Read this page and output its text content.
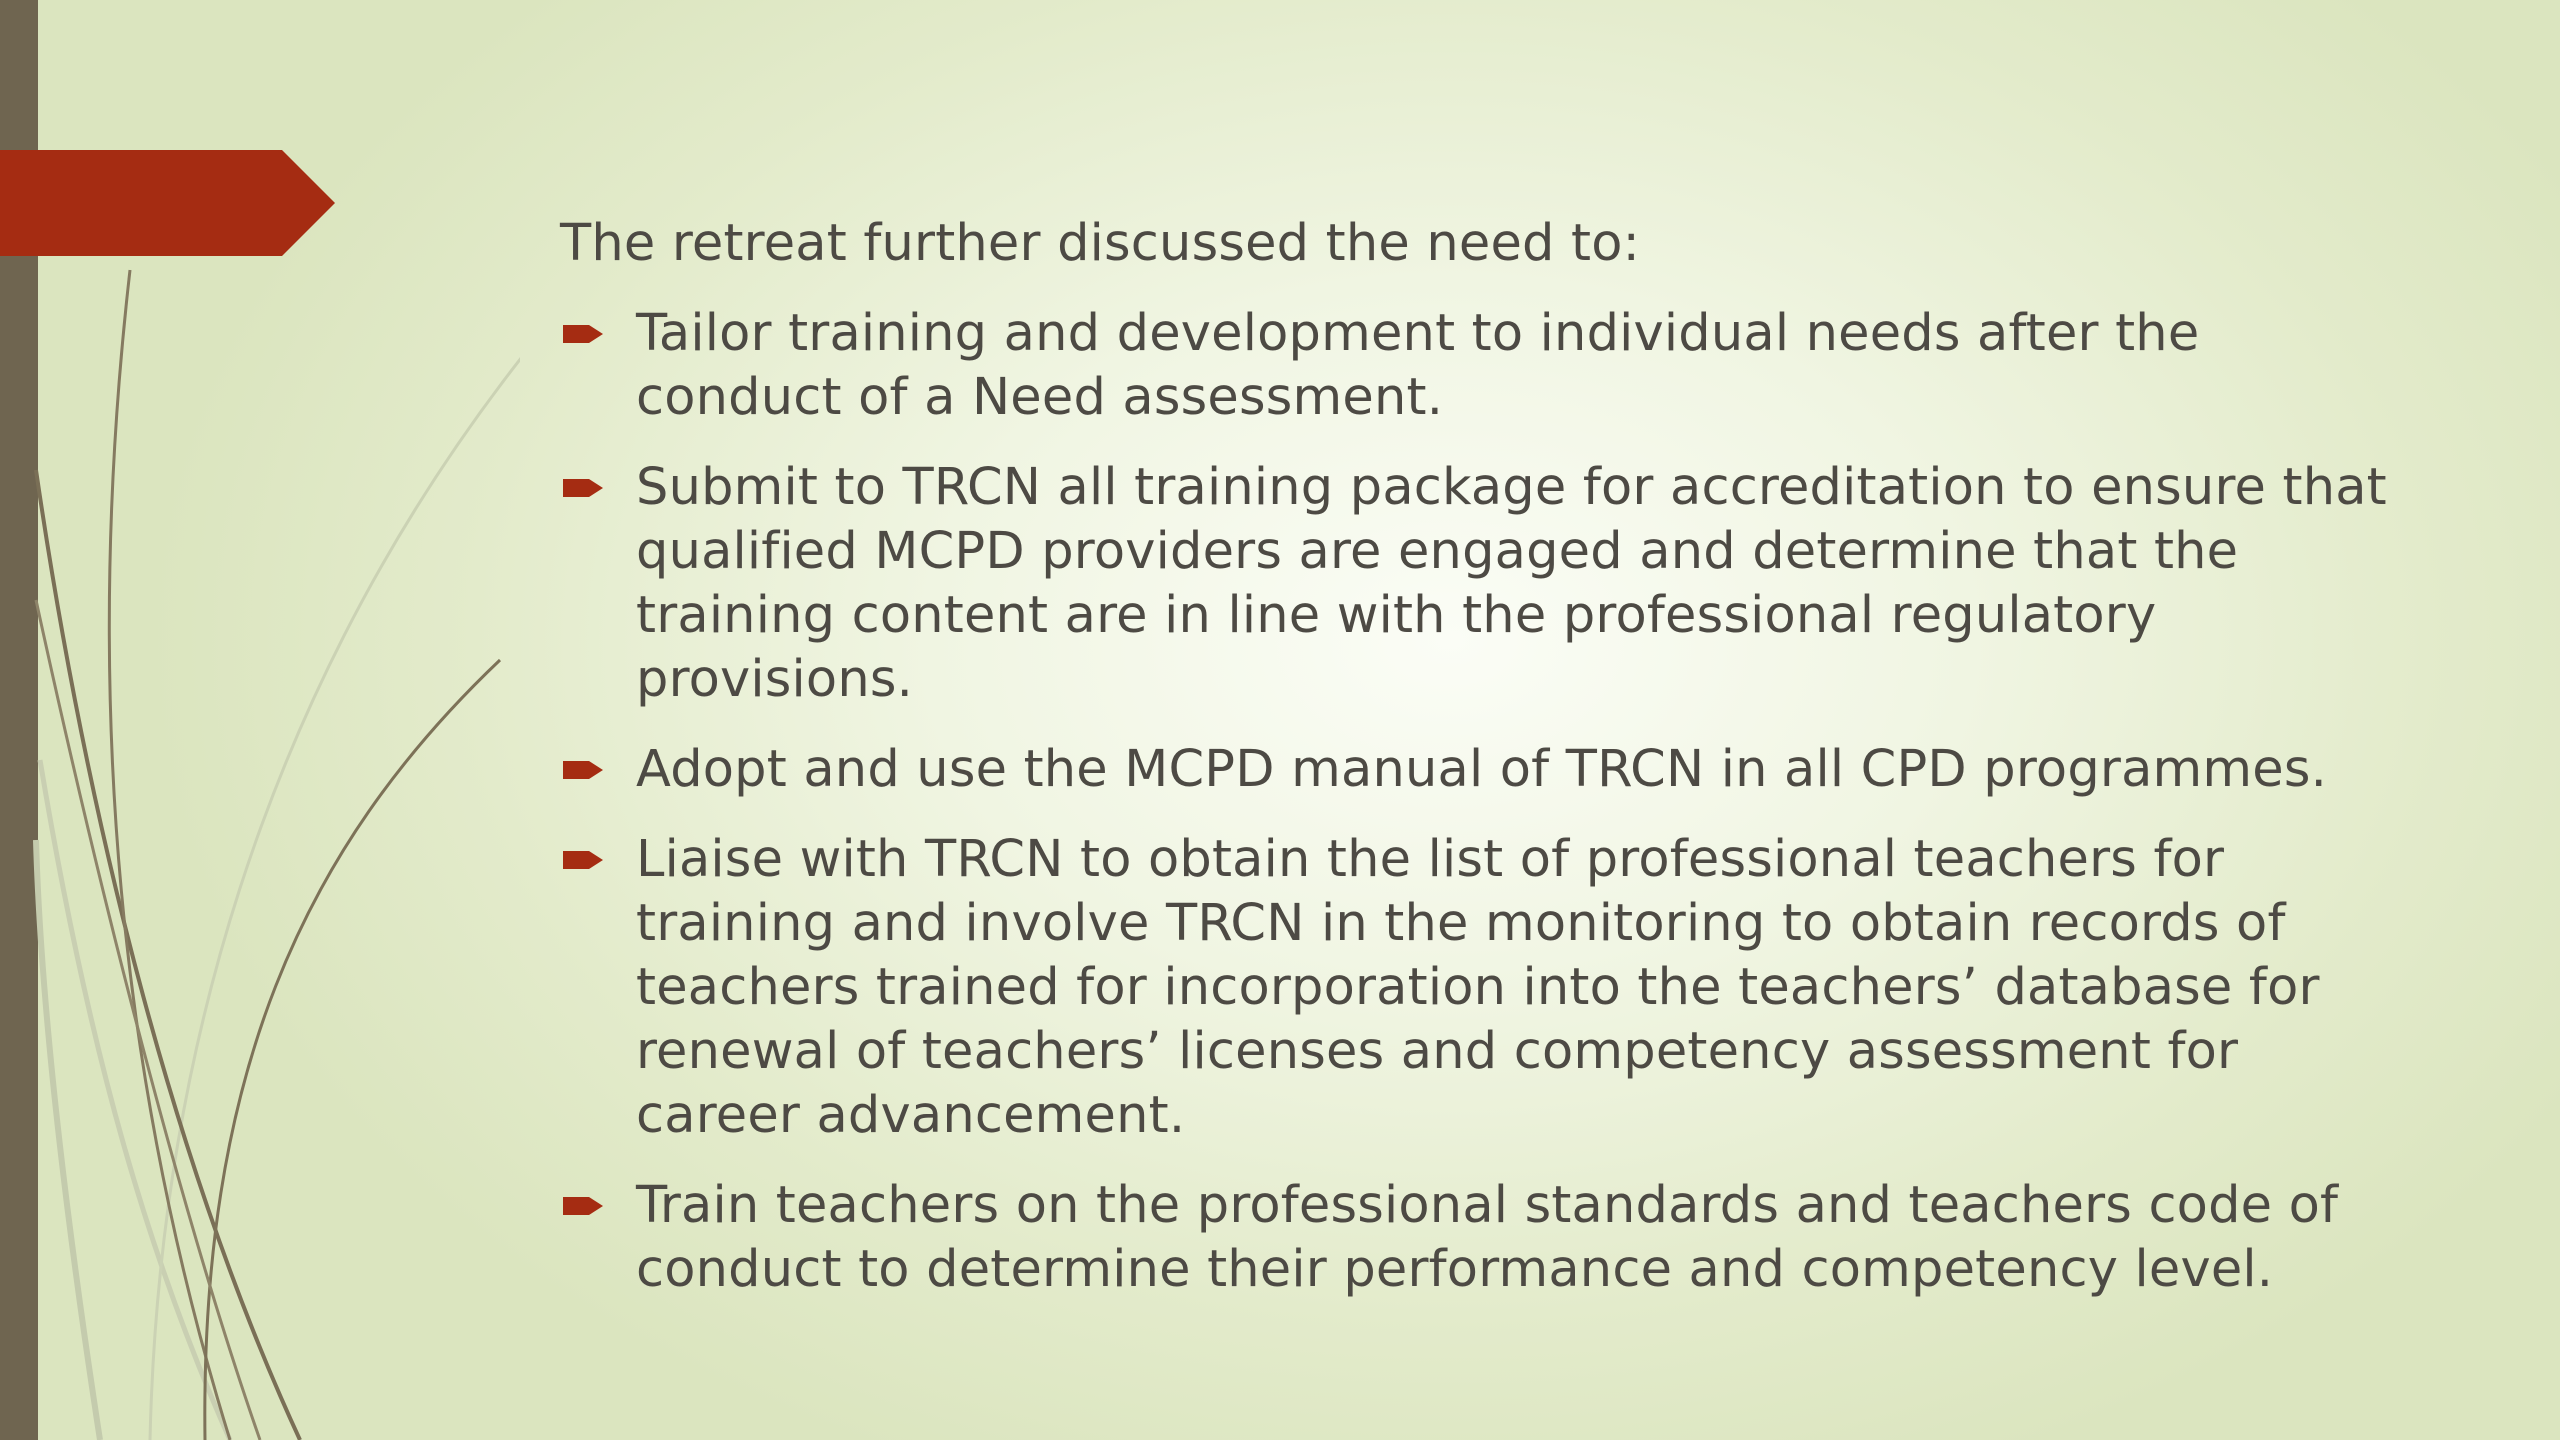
The retreat further discussed the need to:

Tailor training and development to individual needs after the conduct of a Need assessment.
Submit to TRCN all training package for accreditation to ensure that qualified MCPD providers are engaged and determine that the training content are in line with the professional regulatory provisions.
Adopt and use the MCPD manual of TRCN in all CPD programmes.
Liaise with TRCN to obtain the list of professional teachers for training and involve TRCN in the monitoring to obtain records of teachers trained for incorporation into the teachers’ database for renewal of teachers’ licenses and competency assessment for career advancement.
Train teachers on the professional standards and teachers code of conduct to determine their performance and competency level.
